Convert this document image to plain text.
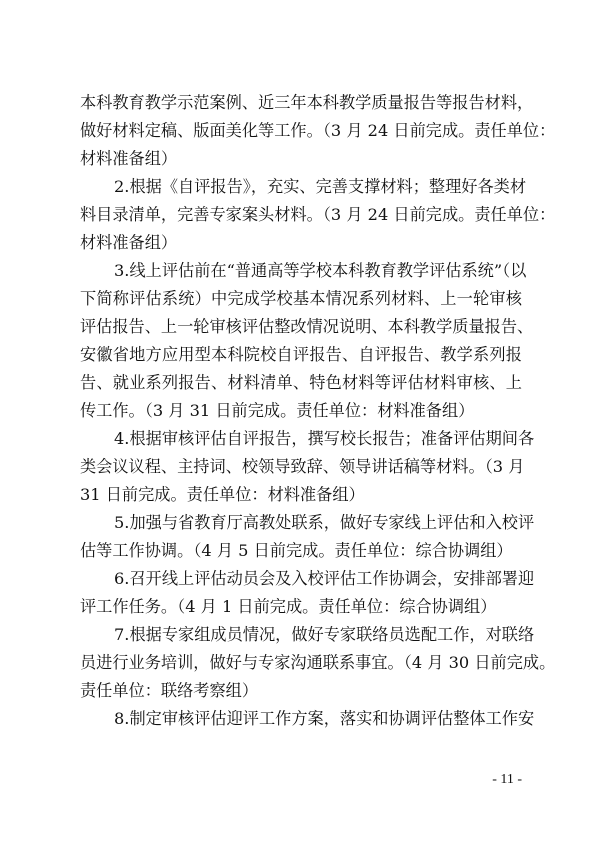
本科教育教学示范案例、近三年本科教学质量报告等报告材料，
做好材料定稿、版面美化等工作。（3 月 24 日前完成。责任单位：
材料准备组）
2.根据《自评报告》，充实、完善支撑材料；整理好各类材
料目录清单，完善专家案头材料。（3 月 24 日前完成。责任单位：
材料准备组）
3.线上评估前在“普通高等学校本科教育教学评估系统”（以
下简称评估系统）中完成学校基本情况系列材料、上一轮审核
评估报告、上一轮审核评估整改情况说明、本科教学质量报告、
安徽省地方应用型本科院校自评报告、自评报告、教学系列报
告、就业系列报告、材料清单、特色材料等评估材料审核、上
传工作。（3 月 31 日前完成。责任单位：材料准备组）
4.根据审核评估自评报告，撰写校长报告；准备评估期间各
类会议议程、主持词、校领导致辞、领导讲话稿等材料。（3 月
31 日前完成。责任单位：材料准备组）
5.加强与省教育厅高教处联系，做好专家线上评估和入校评
估等工作协调。（4 月 5 日前完成。责任单位：综合协调组）
6.召开线上评估动员会及入校评估工作协调会，安排部署迎
评工作任务。（4 月 1 日前完成。责任单位：综合协调组）
7.根据专家组成员情况，做好专家联络员选配工作，对联络
员进行业务培训，做好与专家沟通联系事宜。（4 月 30 日前完成。
责任单位：联络考察组）
8.制定审核评估迎评工作方案，落实和协调评估整体工作安
- 11 -
